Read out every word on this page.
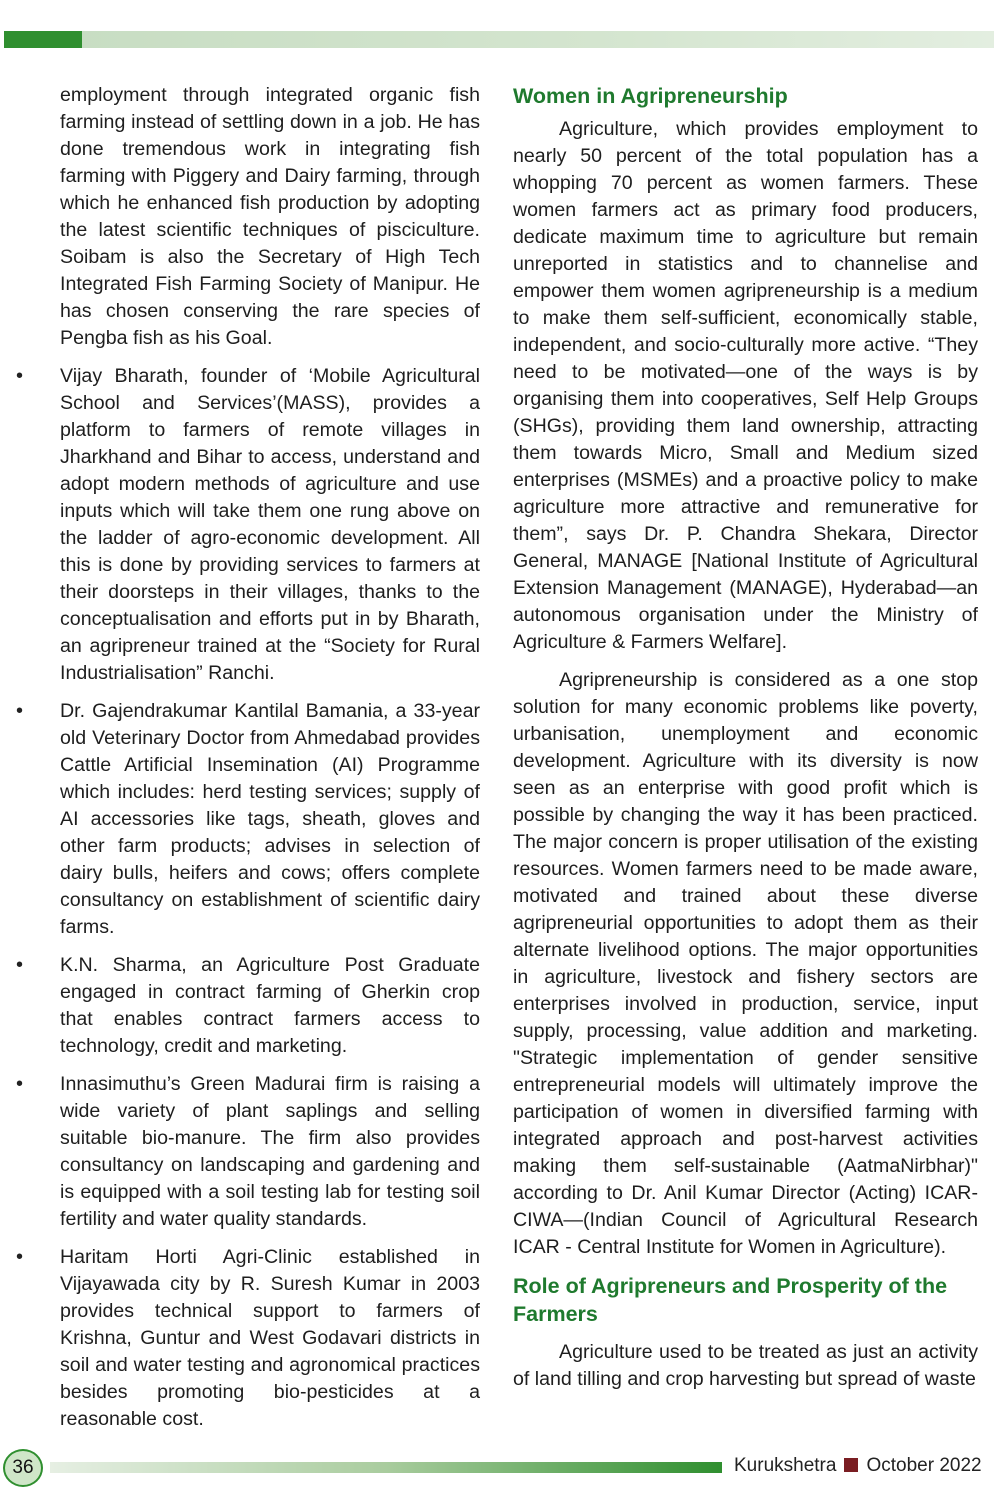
employment through integrated organic fish farming instead of settling down in a job. He has done tremendous work in integrating fish farming with Piggery and Dairy farming, through which he enhanced fish production by adopting the latest scientific techniques of pisciculture. Soibam is also the Secretary of High Tech Integrated Fish Farming Society of Manipur. He has chosen conserving the rare species of Pengba fish as his Goal.

• Vijay Bharath, founder of ‘Mobile Agricultural School and Services’(MASS), provides a platform to farmers of remote villages in Jharkhand and Bihar to access, understand and adopt modern methods of agriculture and use inputs which will take them one rung above on the ladder of agro-economic development. All this is done by providing services to farmers at their doorsteps in their villages, thanks to the conceptualisation and efforts put in by Bharath, an agripreneur trained at the “Society for Rural Industrialisation” Ranchi.
• Dr. Gajendrakumar Kantilal Bamania, a 33-year old Veterinary Doctor from Ahmedabad provides Cattle Artificial Insemination (AI) Programme which includes: herd testing services; supply of AI accessories like tags, sheath, gloves and other farm products; advises in selection of dairy bulls, heifers and cows; offers complete consultancy on establishment of scientific dairy farms.
• K.N. Sharma, an Agriculture Post Graduate engaged in contract farming of Gherkin crop that enables contract farmers access to technology, credit and marketing.
• Innasimuthu’s Green Madurai firm is raising a wide variety of plant saplings and selling suitable bio-manure. The firm also provides consultancy on landscaping and gardening and is equipped with a soil testing lab for testing soil fertility and water quality standards.
• Haritam Horti Agri-Clinic established in Vijayawada city by R. Suresh Kumar in 2003 provides technical support to farmers of Krishna, Guntur and West Godavari districts in soil and water testing and agronomical practices besides promoting bio-pesticides at a reasonable cost.
Women in Agripreneurship

Agriculture, which provides employment to nearly 50 percent of the total population has a whopping 70 percent as women farmers. These women farmers act as primary food producers, dedicate maximum time to agriculture but remain unreported in statistics and to channelise and empower them women agripreneurship is a medium to make them self-sufficient, economically stable, independent, and socio-culturally more active. “They need to be motivated—one of the ways is by organising them into cooperatives, Self Help Groups (SHGs), providing them land ownership, attracting them towards Micro, Small and Medium sized enterprises (MSMEs) and a proactive policy to make agriculture more attractive and remunerative for them”, says Dr. P. Chandra Shekara, Director General, MANAGE [National Institute of Agricultural Extension Management (MANAGE), Hyderabad—an autonomous organisation under the Ministry of Agriculture & Farmers Welfare].

Agripreneurship is considered as a one stop solution for many economic problems like poverty, urbanisation, unemployment and economic development. Agriculture with its diversity is now seen as an enterprise with good profit which is possible by changing the way it has been practiced. The major concern is proper utilisation of the existing resources. Women farmers need to be made aware, motivated and trained about these diverse agripreneurial opportunities to adopt them as their alternate livelihood options. The major opportunities in agriculture, livestock and fishery sectors are enterprises involved in production, service, input supply, processing, value addition and marketing. "Strategic implementation of gender sensitive entrepreneurial models will ultimately improve the participation of women in diversified farming with integrated approach and post-harvest activities making them self-sustainable (AatmaNirbhar)" according to Dr. Anil Kumar Director (Acting) ICAR- CIWA—(Indian Council of Agricultural Research ICAR - Central Institute for Women in Agriculture).

Role of Agripreneurs and Prosperity of the Farmers

Agriculture used to be treated as just an activity of land tilling and crop harvesting but spread of waste

36	Kurukshetra October 2022
